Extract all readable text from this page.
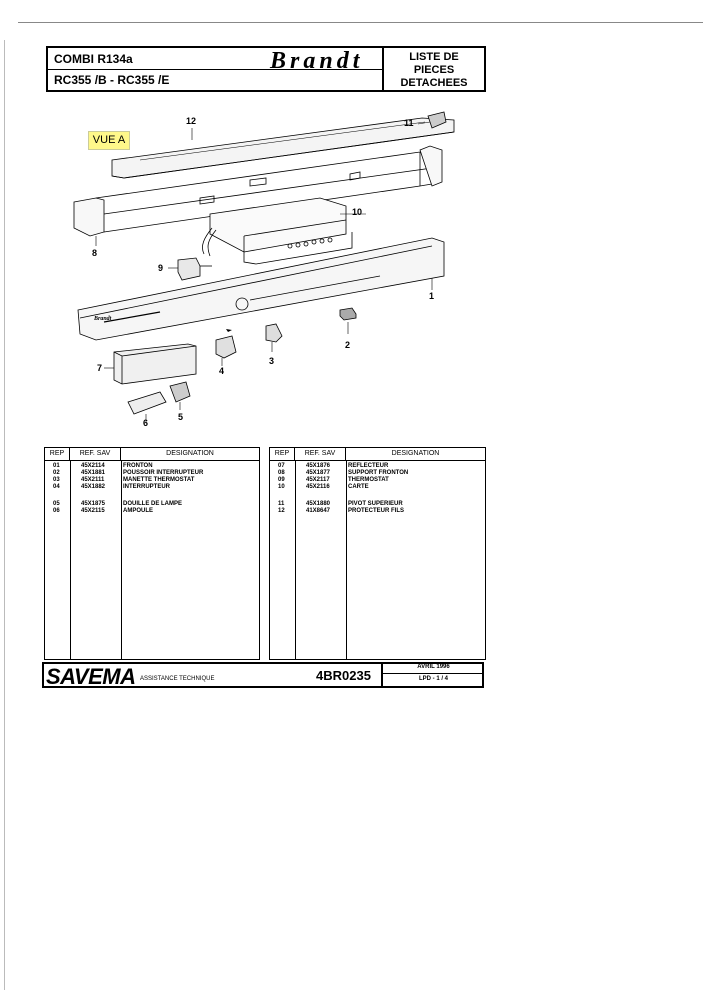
COMBI R134a	Brandt
RC355 /B - RC355 /E
LISTE DE
PIECES
DETACHEES
VUE A
Brandt
12	11
10
8
9
1
2
3
4
5
6
7
REP	REF. SAV	DESIGNATION
01	45X2114	FRONTON
02	45X1881	POUSSOIR INTERRUPTEUR
03	45X2111	MANETTE THERMOSTAT
04	45X1882	INTERRUPTEUR
05	45X1875	DOUILLE DE LAMPE
06	45X2115	AMPOULE
REP	REF. SAV	DESIGNATION
07	45X1876	REFLECTEUR
08	45X1877	SUPPORT FRONTON
09	45X2117	THERMOSTAT
10	45X2116	CARTE
11	45X1880	PIVOT SUPERIEUR
12	41X8647	PROTECTEUR FILS
SAVEMA ASSISTANCE TECHNIQUE	4BR0235
AVRIL 1996
LPD - 1 / 4
